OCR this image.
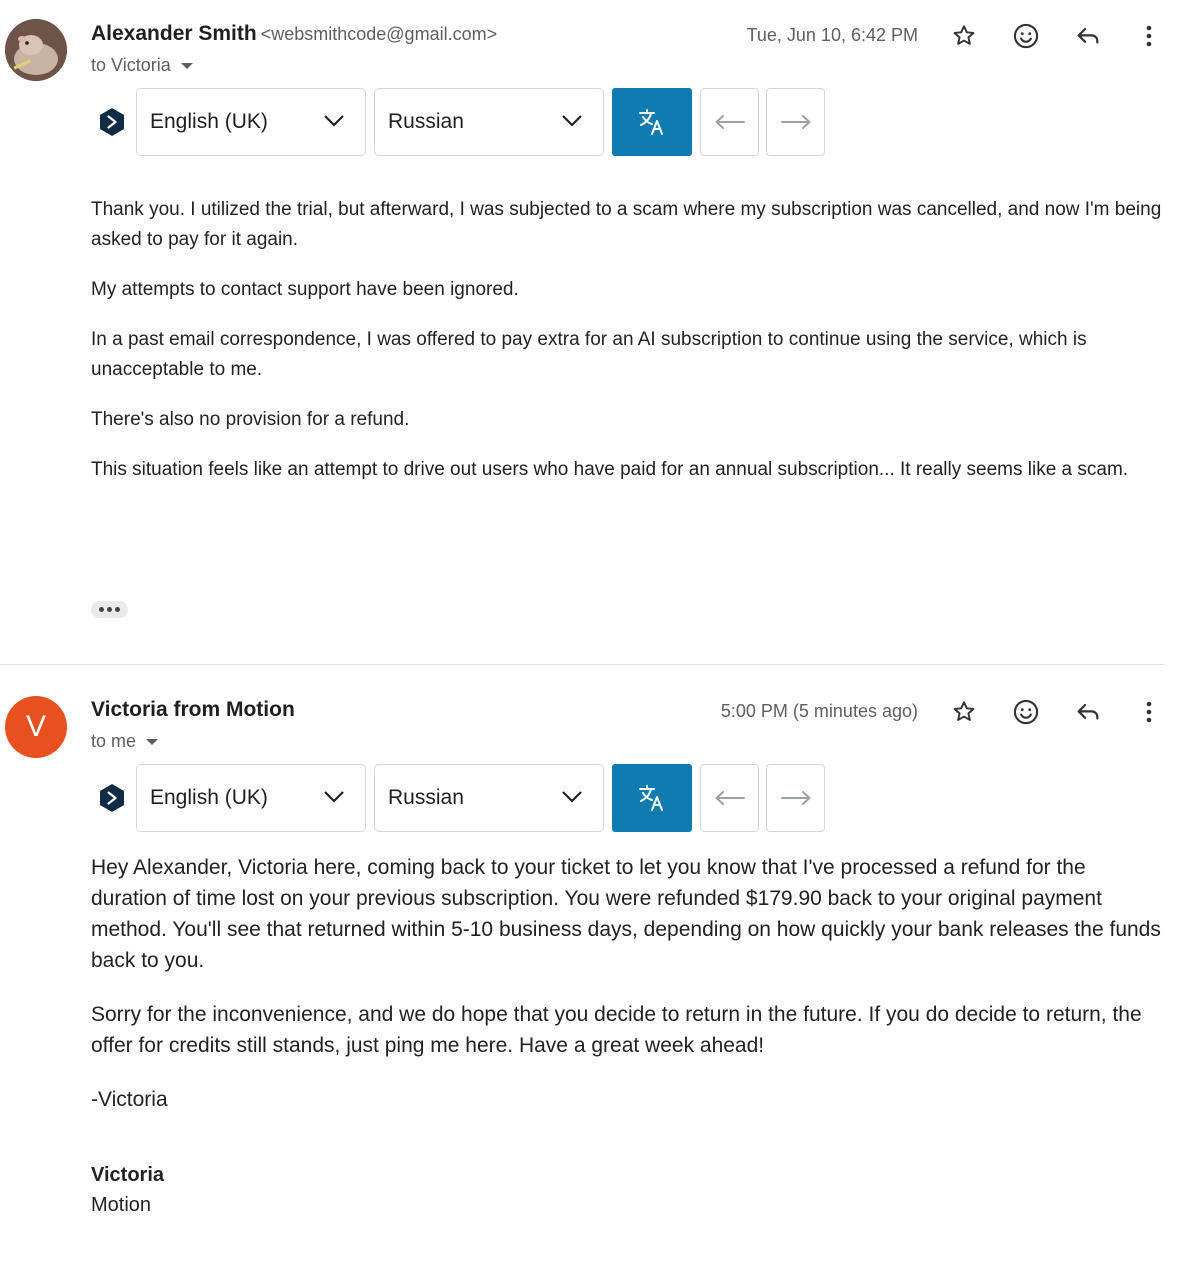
Alexander Smith <websmithcode@gmail.com>
to Victoria
Tue, Jun 10, 6:42 PM
English (UK)	Russian

Thank you. I utilized the trial, but afterward, I was subjected to a scam where my subscription was cancelled, and now I'm being asked to pay for it again.

My attempts to contact support have been ignored.

In a past email correspondence, I was offered to pay extra for an AI subscription to continue using the service, which is unacceptable to me.

There's also no provision for a refund.

This situation feels like an attempt to drive out users who have paid for an annual subscription... It really seems like a scam.

V
Victoria from Motion
to me
5:00 PM (5 minutes ago)
English (UK)	Russian

Hey Alexander, Victoria here, coming back to your ticket to let you know that I've processed a refund for the duration of time lost on your previous subscription. You were refunded $179.90 back to your original payment method. You'll see that returned within 5-10 business days, depending on how quickly your bank releases the funds back to you.

Sorry for the inconvenience, and we do hope that you decide to return in the future. If you do decide to return, the offer for credits still stands, just ping me here. Have a great week ahead!

-Victoria

Victoria
Motion
